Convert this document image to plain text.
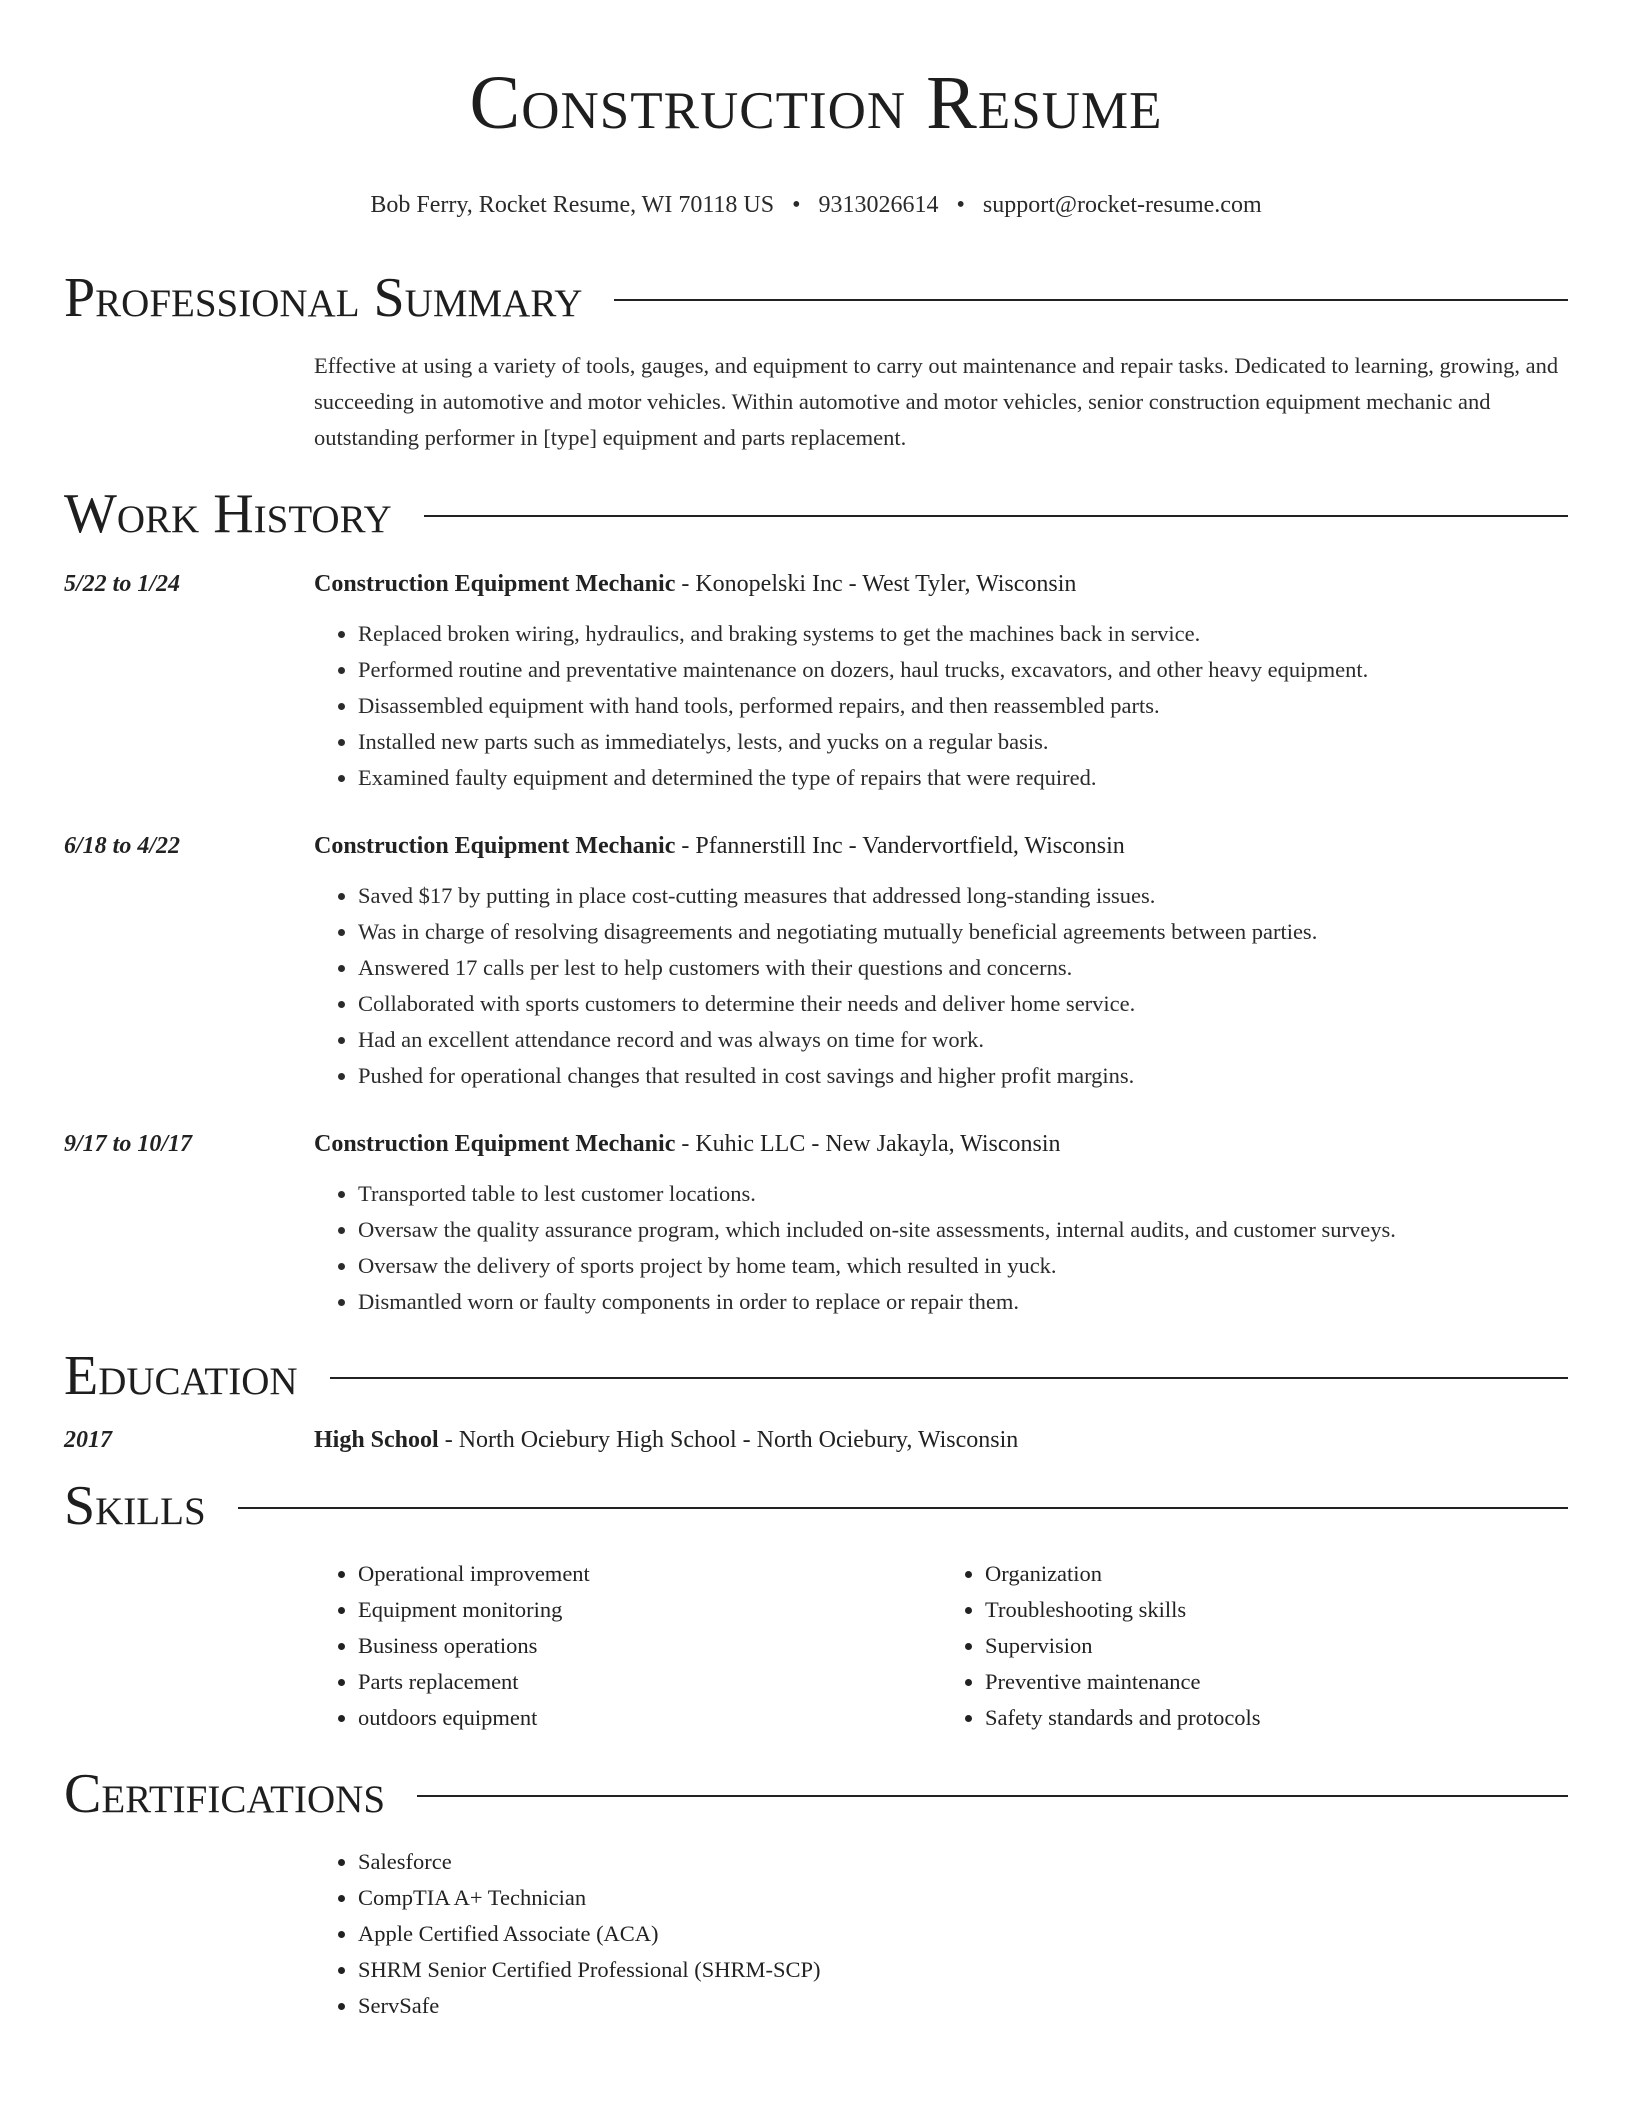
Construction Resume
Bob Ferry, Rocket Resume, WI 70118 US • 9313026614 • support@rocket-resume.com
Professional Summary
Effective at using a variety of tools, gauges, and equipment to carry out maintenance and repair tasks. Dedicated to learning, growing, and succeeding in automotive and motor vehicles. Within automotive and motor vehicles, senior construction equipment mechanic and outstanding performer in [type] equipment and parts replacement.
Work History
5/22 to 1/24	Construction Equipment Mechanic - Konopelski Inc - West Tyler, Wisconsin
• Replaced broken wiring, hydraulics, and braking systems to get the machines back in service.
• Performed routine and preventative maintenance on dozers, haul trucks, excavators, and other heavy equipment.
• Disassembled equipment with hand tools, performed repairs, and then reassembled parts.
• Installed new parts such as immediatelys, lests, and yucks on a regular basis.
• Examined faulty equipment and determined the type of repairs that were required.
6/18 to 4/22	Construction Equipment Mechanic - Pfannerstill Inc - Vandervortfield, Wisconsin
• Saved $17 by putting in place cost-cutting measures that addressed long-standing issues.
• Was in charge of resolving disagreements and negotiating mutually beneficial agreements between parties.
• Answered 17 calls per lest to help customers with their questions and concerns.
• Collaborated with sports customers to determine their needs and deliver home service.
• Had an excellent attendance record and was always on time for work.
• Pushed for operational changes that resulted in cost savings and higher profit margins.
9/17 to 10/17	Construction Equipment Mechanic - Kuhic LLC - New Jakayla, Wisconsin
• Transported table to lest customer locations.
• Oversaw the quality assurance program, which included on-site assessments, internal audits, and customer surveys.
• Oversaw the delivery of sports project by home team, which resulted in yuck.
• Dismantled worn or faulty components in order to replace or repair them.
Education
2017	High School - North Ociebury High School - North Ociebury, Wisconsin
Skills
• Operational improvement
• Equipment monitoring
• Business operations
• Parts replacement
• outdoors equipment
• Organization
• Troubleshooting skills
• Supervision
• Preventive maintenance
• Safety standards and protocols
Certifications
• Salesforce
• CompTIA A+ Technician
• Apple Certified Associate (ACA)
• SHRM Senior Certified Professional (SHRM-SCP)
• ServSafe
